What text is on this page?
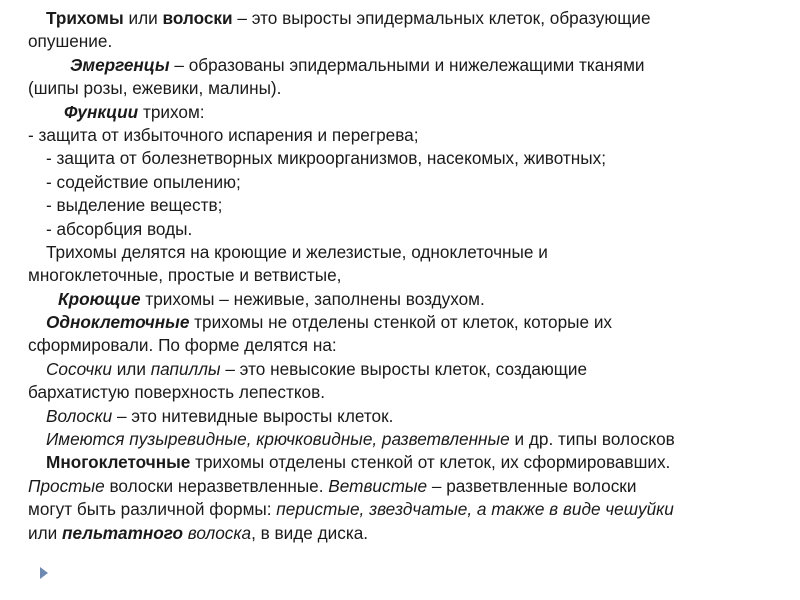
Трихомы или волоски – это выросты эпидермальных клеток, образующие
опушение.
Эмергенцы – образованы эпидермальными и нижележащими тканями
(шипы розы, ежевики, малины).
Функции трихом:
- защита от избыточного испарения и перегрева;
- защита от болезнетворных микроорганизмов, насекомых, животных;
- содействие опылению;
- выделение веществ;
- абсорбция воды.
Трихомы делятся на кроющие и железистые, одноклеточные и
многоклеточные, простые и ветвистые,
Кроющие трихомы – неживые, заполнены воздухом.
Одноклеточные трихомы не отделены стенкой от клеток, которые их
сформировали. По форме делятся на:
Сосочки или папиллы – это невысокие выросты клеток, создающие
бархатистую поверхность лепестков.
Волоски – это нитевидные выросты клеток.
Имеются пузыревидные, крючковидные, разветвленные и др. типы волосков
Многоклеточные трихомы отделены стенкой от клеток, их сформировавших.
Простые волоски неразветвленные. Ветвистые – разветвленные волоски
могут быть различной формы: перистые, звездчатые, а также в виде чешуйки
или пельтатного волоска, в виде диска.
